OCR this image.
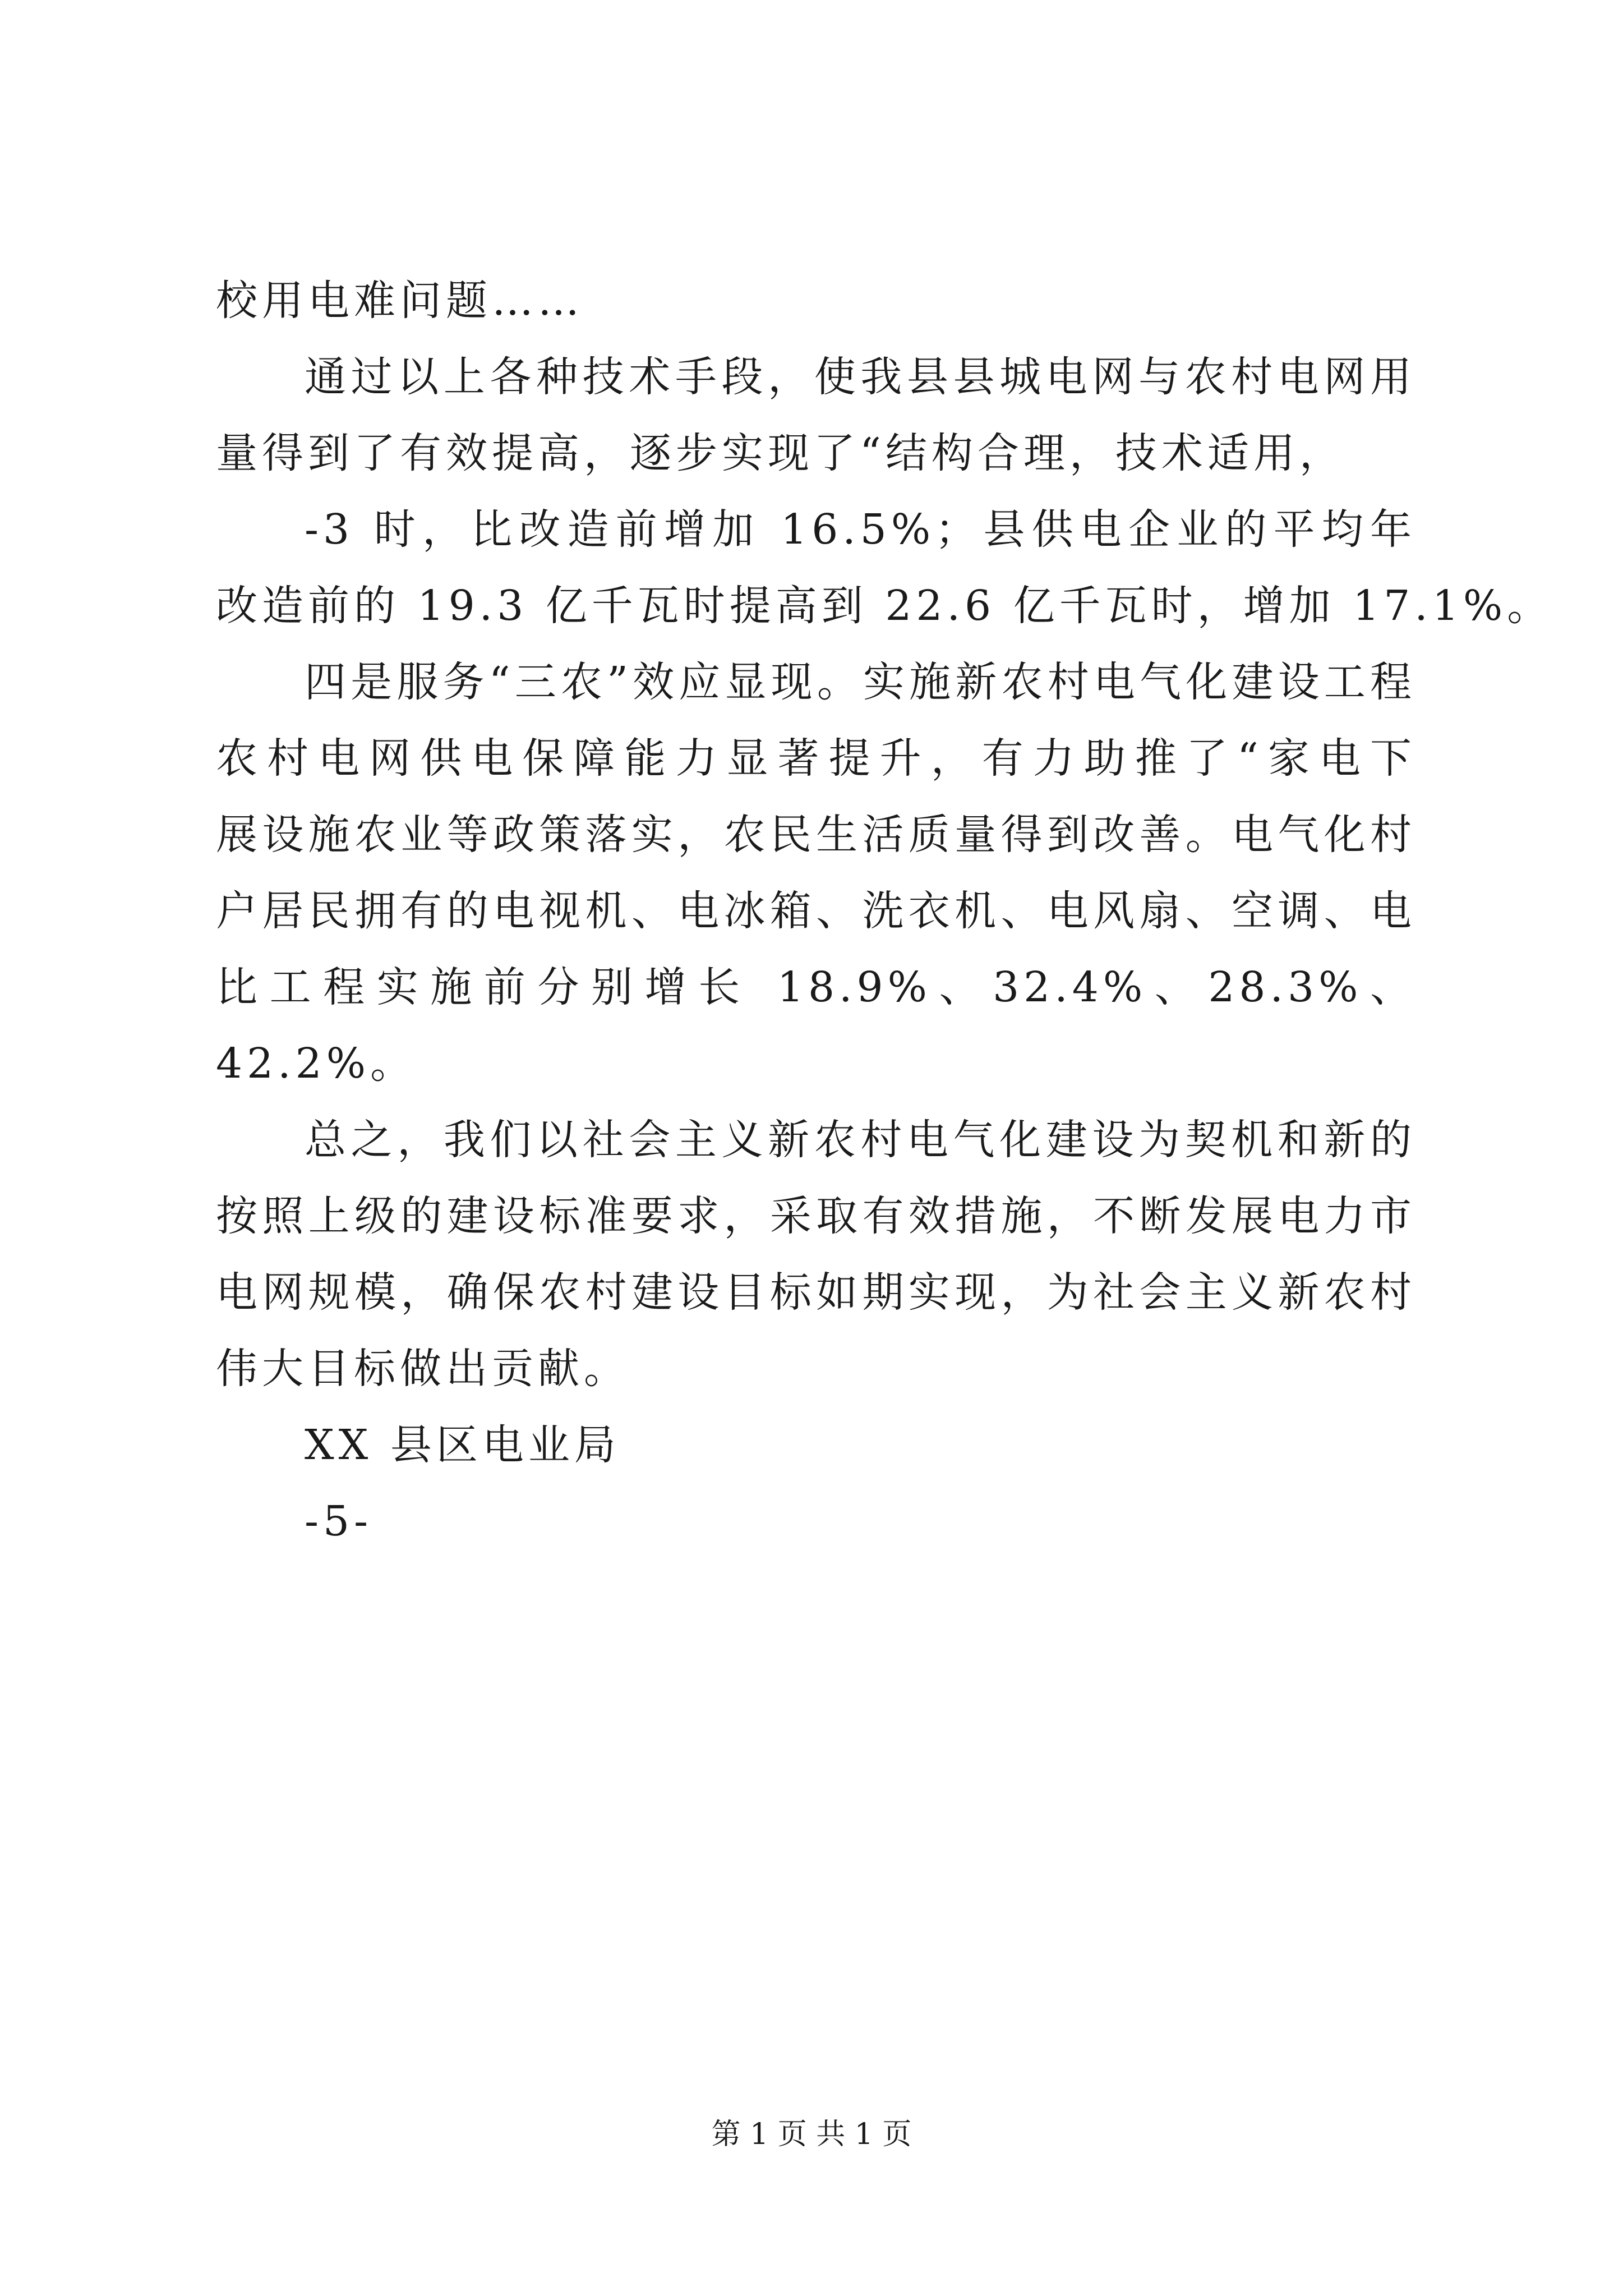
校用电难问题……
通过以上各种技术手段，使我县县城电网与农村电网用
量得到了有效提高，逐步实现了“结构合理，技术适用，
-3 时，比改造前增加 16.5%；县供电企业的平均年
改造前的 19.3 亿千瓦时提高到 22.6 亿千瓦时，增加 17.1%。
四是服务“三农”效应显现。实施新农村电气化建设工程
农村电网供电保障能力显著提升，有力助推了“家电下
展设施农业等政策落实，农民生活质量得到改善。电气化村
户居民拥有的电视机、电冰箱、洗衣机、电风扇、空调、电
比工程实施前分别增长 18.9%、32.4%、28.3%、
42.2%。
总之，我们以社会主义新农村电气化建设为契机和新的
按照上级的建设标准要求，采取有效措施，不断发展电力市
电网规模，确保农村建设目标如期实现，为社会主义新农村
伟大目标做出贡献。
XX 县区电业局
-5-
第 1 页 共 1 页
